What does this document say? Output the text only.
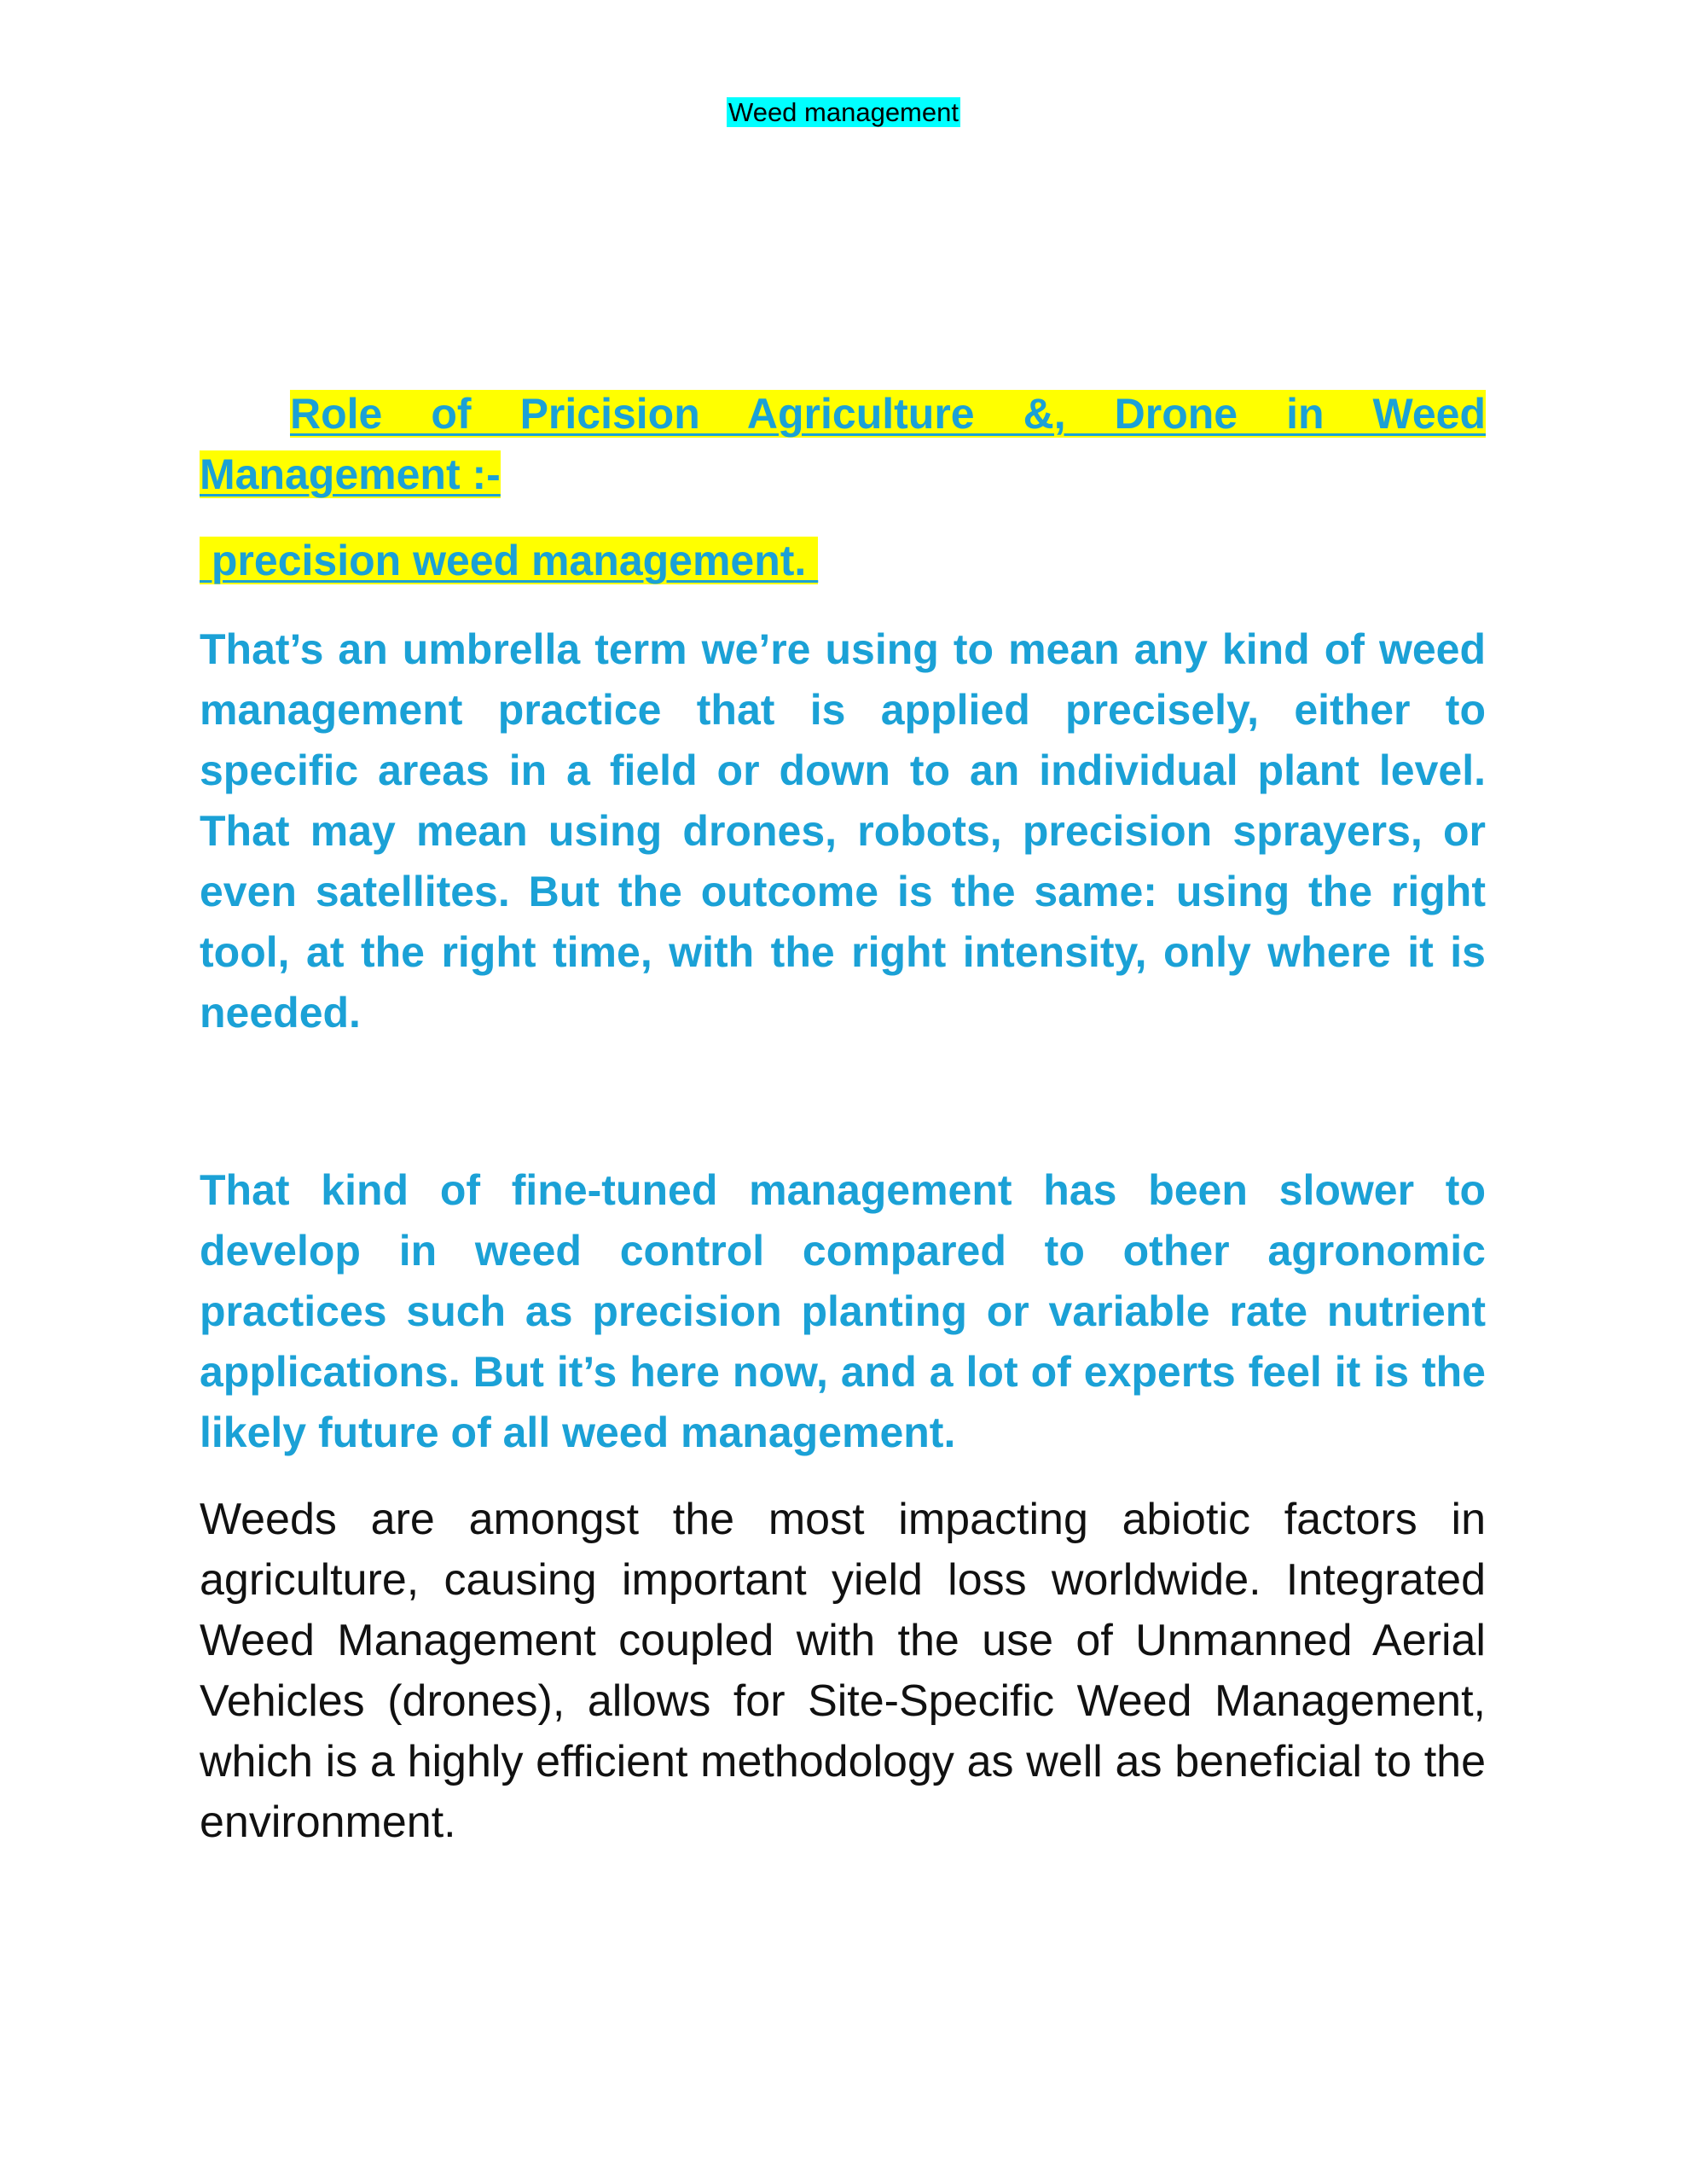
Weed management

Role of Pricision Agriculture &, Drone in Weed Management :-

precision weed management.

That’s an umbrella term we’re using to mean any kind of weed management practice that is applied precisely, either to specific areas in a field or down to an individual plant level. That may mean using drones, robots, precision sprayers, or even satellites. But the outcome is the same: using the right tool, at the right time, with the right intensity, only where it is needed.

That kind of fine-tuned management has been slower to develop in weed control compared to other agronomic practices such as precision planting or variable rate nutrient applications. But it’s here now, and a lot of experts feel it is the likely future of all weed management.

Weeds are amongst the most impacting abiotic factors in agriculture, causing important yield loss worldwide. Integrated Weed Management coupled with the use of Unmanned Aerial Vehicles (drones), allows for Site-Specific Weed Management, which is a highly efficient methodology as well as beneficial to the environment.
